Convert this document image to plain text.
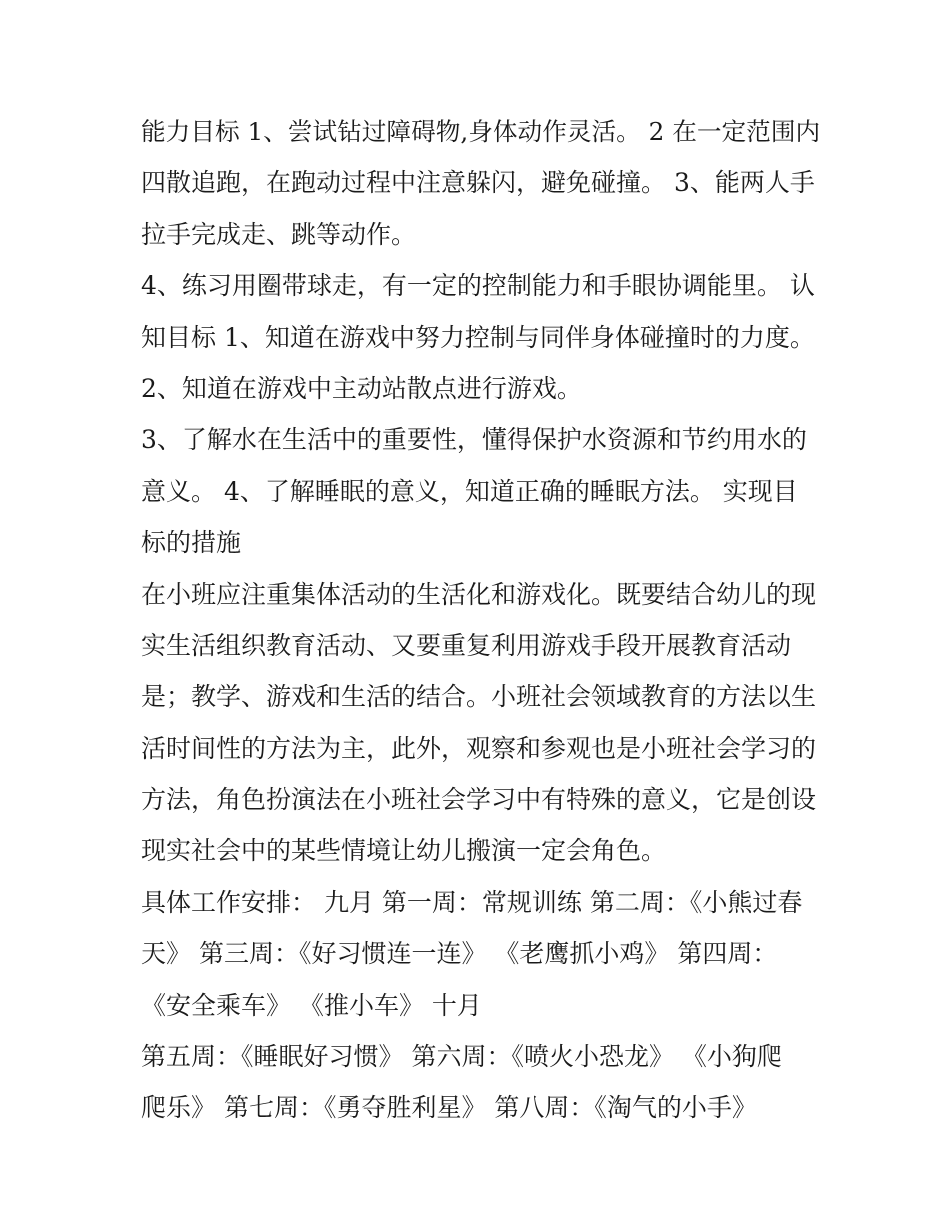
能力目标 1、尝试钻过障碍物,身体动作灵活。 2 在一定范围内
四散追跑，在跑动过程中注意躲闪，避免碰撞。 3、能两人手
拉手完成走、跳等动作。
4、练习用圈带球走，有一定的控制能力和手眼协调能里。 认
知目标 1、知道在游戏中努力控制与同伴身体碰撞时的力度。
2、知道在游戏中主动站散点进行游戏。
3、了解水在生活中的重要性，懂得保护水资源和节约用水的
意义。 4、了解睡眠的意义，知道正确的睡眠方法。 实现目
标的措施
在小班应注重集体活动的生活化和游戏化。既要结合幼儿的现
实生活组织教育活动、又要重复利用游戏手段开展教育活动
是；教学、游戏和生活的结合。小班社会领域教育的方法以生
活时间性的方法为主，此外，观察和参观也是小班社会学习的
方法，角色扮演法在小班社会学习中有特殊的意义，它是创设
现实社会中的某些情境让幼儿搬演一定会角色。
具体工作安排： 九月 第一周：常规训练 第二周：《小熊过春
天》 第三周：《好习惯连一连》 《老鹰抓小鸡》 第四周：
《安全乘车》 《推小车》 十月
第五周：《睡眠好习惯》 第六周：《喷火小恐龙》 《小狗爬
爬乐》 第七周：《勇夺胜利星》 第八周：《淘气的小手》
